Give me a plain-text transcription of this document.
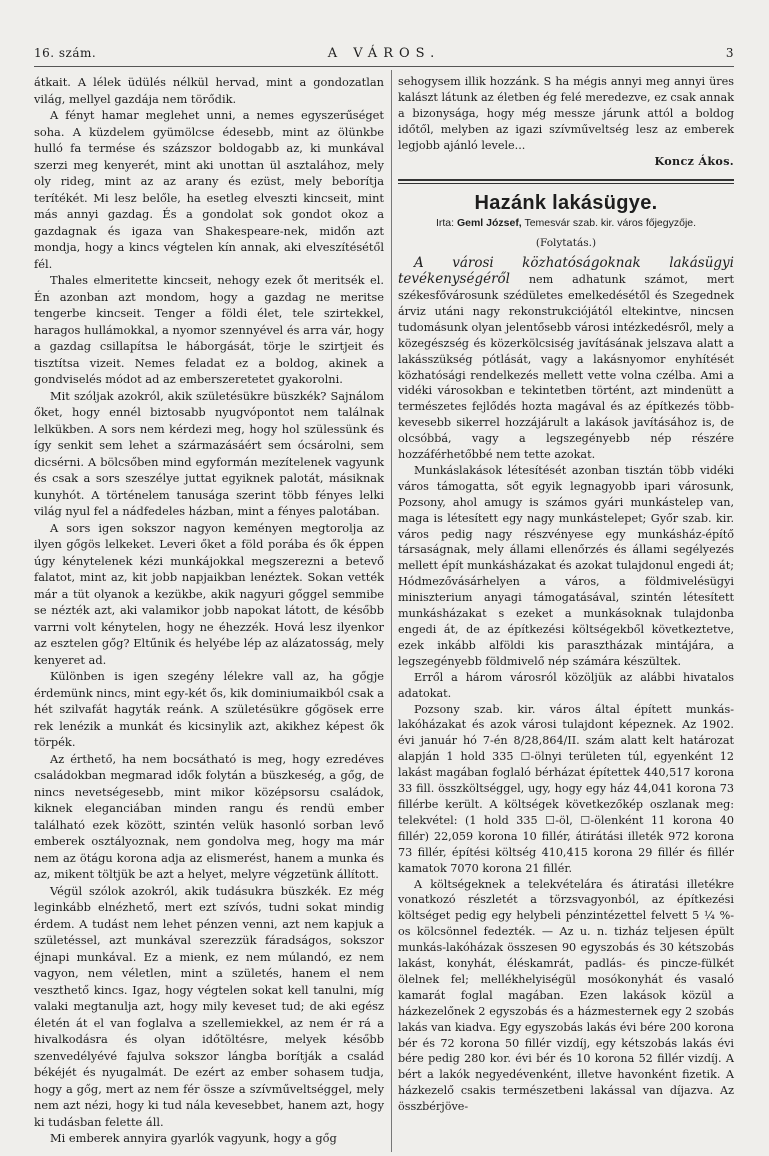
16. szám.	A VÁROS.	3

átkait. A lélek üdülés nélkül hervad, mint a gondozatlan világ, mellyel gazdája nem törődik.

A fényt hamar meglehet unni, a nemes egyszerűséget soha. A küzdelem gyümölcse édesebb, mint az ölünkbe hulló fa termése és százszor boldogabb az, ki munkával szerzi meg kenyerét, mint aki unottan ül asztalához, mely oly rideg, mint az az arany és ezüst, mely beborítja terítékét. Mi lesz belőle, ha esetleg elveszti kincseit, mint más annyi gazdag. És a gondolat sok gondot okoz a gazdagnak és igaza van Shakespeare-nek, midőn azt mondja, hogy a kincs végtelen kín annak, aki elveszítésétől fél.

Thales elmeritette kincseit, nehogy ezek őt meritsék el. Én azonban azt mondom, hogy a gazdag ne meritse tengerbe kincseit. Tenger a földi élet, tele szirtekkel, haragos hullámokkal, a nyomor szennyével és arra vár, hogy a gazdag csillapítsa le háborgását, törje le szirtjeit és tisztítsa vizeit. Nemes feladat ez a boldog, akinek a gondviselés módot ad az emberszeretetet gyakorolni.

Mit szóljak azokról, akik születésükre büszkék? Sajnálom őket, hogy ennél biztosabb nyugvópontot nem találnak lelkükben. A sors nem kérdezi meg, hogy hol szülessünk és így senkit sem lehet a származásáért sem ócsárolni, sem dicsérni. A bölcsőben mind egyformán mezítelenek vagyunk és csak a sors szeszélye juttat egyiknek palotát, másiknak kunyhót. A történelem tanusága szerint több fényes lelki világ nyul fel a nádfedeles házban, mint a fényes palotában.

A sors igen sokszor nagyon keményen megtorolja az ilyen gőgös lelkeket. Leveri őket a föld porába és ők éppen úgy kénytelenek kézi munkájokkal megszerezni a betevő falatot, mint az, kit jobb napjaikban lenéztek. Sokan vették már a tüt olyanok a kezükbe, akik nagyuri gőggel semmibe se nézték azt, aki valamikor jobb napokat látott, de később varrni volt kénytelen, hogy ne éhezzék. Hová lesz ilyenkor az esztelen gőg? Eltűnik és helyébe lép az alázatosság, mely kenyeret ad.

Különben is igen szegény lélekre vall az, ha gőgje érdemünk nincs, mint egy-két ős, kik dominiumaikból csak a hét szilvafát hagyták reánk. A születésükre gőgösek erre rek lenézik a munkát és kicsinylik azt, akikhez képest ők törpék.

Az érthető, ha nem bocsátható is meg, hogy ezredéves családokban megmarad idők folytán a büszkeség, a gőg, de nincs nevetségesebb, mint mikor középsorsu családok, kiknek eleganciában minden rangu és rendü ember található ezek között, szintén velük hasonló sorban levő emberek osztályoznak, nem gondolva meg, hogy ma már nem az ötágu korona adja az elismerést, hanem a munka és az, mikent töltjük be azt a helyet, melyre végzetünk állított.

Végül szólok azokról, akik tudásukra büszkék. Ez még leginkább elnézhető, mert ezt szívós, tudni sokat mindig érdem. A tudást nem lehet pénzen venni, azt nem kapjuk a születéssel, azt munkával szerezzük fáradságos, sokszor éjnapi munkával. Ez a mienk, ez nem múlandó, ez nem vagyon, nem véletlen, mint a születés, hanem el nem veszthető kincs. Igaz, hogy végtelen sokat kell tanulni, míg valaki megtanulja azt, hogy mily keveset tud; de aki egész életén át el van foglalva a szellemiekkel, az nem ér rá a hivalkodásra és olyan időtöltésre, melyek később szenvedélyévé fajulva sokszor lángba borítják a család békéjét és nyugalmát. De ezért az ember sohasem tudja, hogy a gőg, mert az nem fér össze a szívműveltséggel, mely nem azt nézi, hogy ki tud nála kevesebbet, hanem azt, hogy ki tudásban felette áll.

Mi emberek annyira gyarlók vagyunk, hogy a gőg

sehogysem illik hozzánk. S ha mégis annyi meg annyi üres kalászt látunk az életben ég felé meredezve, ez csak annak a bizonysága, hogy még messze járunk attól a boldog időtől, melyben az igazi szívműveltség lesz az emberek legjobb ajánló levele...

Koncz Ákos.

Hazánk lakásügye.
Irta: Geml József, Temesvár szab. kir. város főjegyzője.
(Folytatás.)

A városi közhatóságoknak lakásügyi tevékenységéről nem adhatunk számot, mert székesfővárosunk szédületes emelkedésétől és Szegednek árviz utáni nagy rekonstrukciójától eltekintve, nincsen tudomásunk olyan jelentősebb városi intézkedésről, mely a közegészség és közerkölcsiség javításának jelszava alatt a lakásszükség pótlását, vagy a lakásnyomor enyhítését közhatósági rendelkezés mellett vette volna czélba. Ami a vidéki városokban e tekintetben történt, azt mindenütt a természetes fejlődés hozta magával és az építkezés több-kevesebb sikerrel hozzájárult a lakások javításához is, de olcsóbbá, vagy a legszegényebb nép részére hozzáférhetőbbé nem tette azokat.

Munkáslakások létesítését azonban tisztán több vidéki város támogatta, sőt egyik legnagyobb ipari városunk, Pozsony, ahol amugy is számos gyári munkástelep van, maga is létesített egy nagy munkástelepet; Győr szab. kir. város pedig nagy részvényese egy munkásház-építő társaságnak, mely állami ellenőrzés és állami segélyezés mellett épít munkásházakat és azokat tulajdonul engedi át; Hódmezővásárhelyen a város, a földmivelésügyi miniszterium anyagi támogatásával, szintén létesített munkásházakat s ezeket a munkásoknak tulajdonba engedi át, de az építkezési költségekből következtetve, ezek inkább alföldi kis parasztházak mintájára, a legszegényebb földmivelő nép számára készültek.

Erről a három városról közöljük az alábbi hivatalos adatokat.

Pozsony szab. kir. város által épített munkás-lakóházakat és azok városi tulajdont képeznek. Az 1902. évi január hó 7-én 8/28,864/II. szám alatt kelt határozat alapján 1 hold 335 ☐-ölnyi területen túl, egyenként 12 lakást magában foglaló bérházat építettek 440,517 korona 33 fill. összköltséggel, ugy, hogy egy ház 44,041 korona 73 fillérbe került. A költségek következőkép oszlanak meg: telekvétel: (1 hold 335 ☐-öl, ☐-ölenként 11 korona 40 fillér) 22,059 korona 10 fillér, átirátási illeték 972 korona 73 fillér, építési költség 410,415 korona 29 fillér és fillér kamatok 7070 korona 21 fillér.

A költségeknek a telekvételára és átiratási illetékre vonatkozó részletét a törzsvagyonból, az építkezési költséget pedig egy helybeli pénzintézettel felvett 5 ¼ %-os kölcsönnel fedezték. — Az u. n. tizház teljesen épült munkás-lakóházak összesen 90 egyszobás és 30 kétszobás lakást, konyhát, éléskamrát, padlás- és pincze-fülkét ölelnek fel; mellékhelyiségül mosókonyhát és vasaló kamarát foglal magában. Ezen lakások közül a házkezelőnek 2 egyszobás és a házmesternek egy 2 szobás lakás van kiadva. Egy egyszobás lakás évi bére 200 korona bér és 72 korona 50 fillér vizdíj, egy kétszobás lakás évi bére pedig 280 kor. évi bér és 10 korona 52 fillér vizdíj. A bért a lakók negyedévenként, illetve havonként fizetik. A házkezelő csakis természetbeni lakással van díjazva. Az összbérjöve-
